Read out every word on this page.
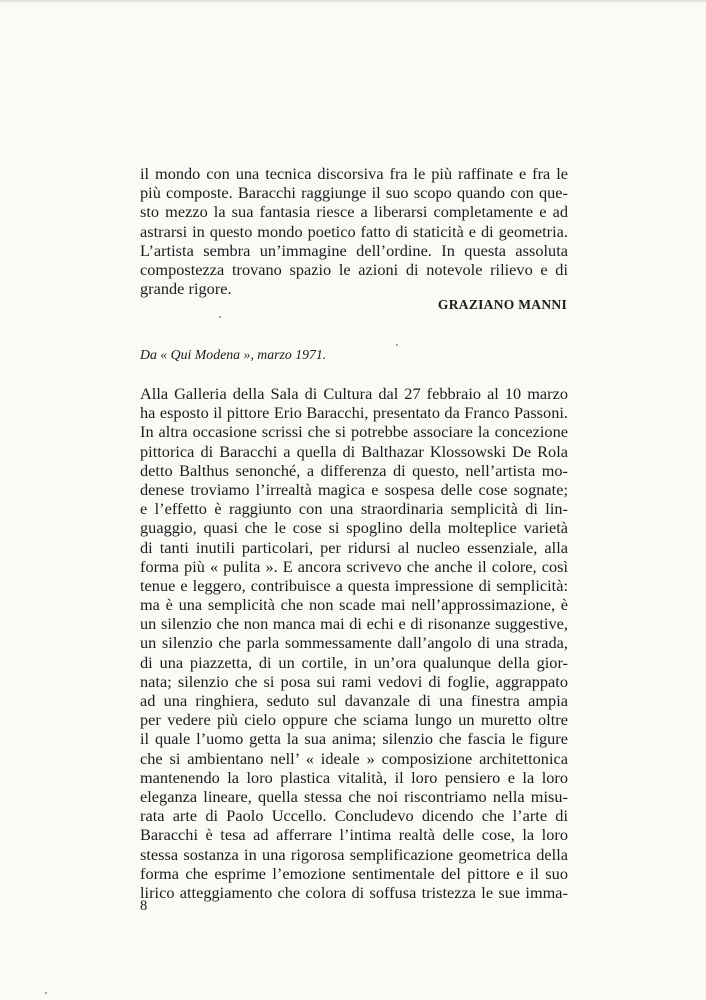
il mondo con una tecnica discorsiva fra le più raffinate e fra le
più composte. Baracchi raggiunge il suo scopo quando con que-
sto mezzo la sua fantasia riesce a liberarsi completamente e ad
astrarsi in questo mondo poetico fatto di staticità e di geometria.
L’artista sembra un’immagine dell’ordine. In questa assoluta
compostezza trovano spazio le azioni di notevole rilievo e di
grande rigore.
GRAZIANO MANNI
Da « Qui Modena », marzo 1971.
Alla Galleria della Sala di Cultura dal 27 febbraio al 10 marzo
ha esposto il pittore Erio Baracchi, presentato da Franco Passoni.
In altra occasione scrissi che si potrebbe associare la concezione
pittorica di Baracchi a quella di Balthazar Klossowski De Rola
detto Balthus senonché, a differenza di questo, nell’artista mo-
denese troviamo l’irrealtà magica e sospesa delle cose sognate;
e l’effetto è raggiunto con una straordinaria semplicità di lin-
guaggio, quasi che le cose si spoglino della molteplice varietà
di tanti inutili particolari, per ridursi al nucleo essenziale, alla
forma più « pulita ». E ancora scrivevo che anche il colore, così
tenue e leggero, contribuisce a questa impressione di semplicità:
ma è una semplicità che non scade mai nell’approssimazione, è
un silenzio che non manca mai di echi e di risonanze suggestive,
un silenzio che parla sommessamente dall’angolo di una strada,
di una piazzetta, di un cortile, in un’ora qualunque della gior-
nata; silenzio che si posa sui rami vedovi di foglie, aggrappato
ad una ringhiera, seduto sul davanzale di una finestra ampia
per vedere più cielo oppure che sciama lungo un muretto oltre
il quale l’uomo getta la sua anima; silenzio che fascia le figure
che si ambientano nell’ « ideale » composizione architettonica
mantenendo la loro plastica vitalità, il loro pensiero e la loro
eleganza lineare, quella stessa che noi riscontriamo nella misu-
rata arte di Paolo Uccello. Concludevo dicendo che l’arte di
Baracchi è tesa ad afferrare l’intima realtà delle cose, la loro
stessa sostanza in una rigorosa semplificazione geometrica della
forma che esprime l’emozione sentimentale del pittore e il suo
lirico atteggiamento che colora di soffusa tristezza le sue imma-
8
